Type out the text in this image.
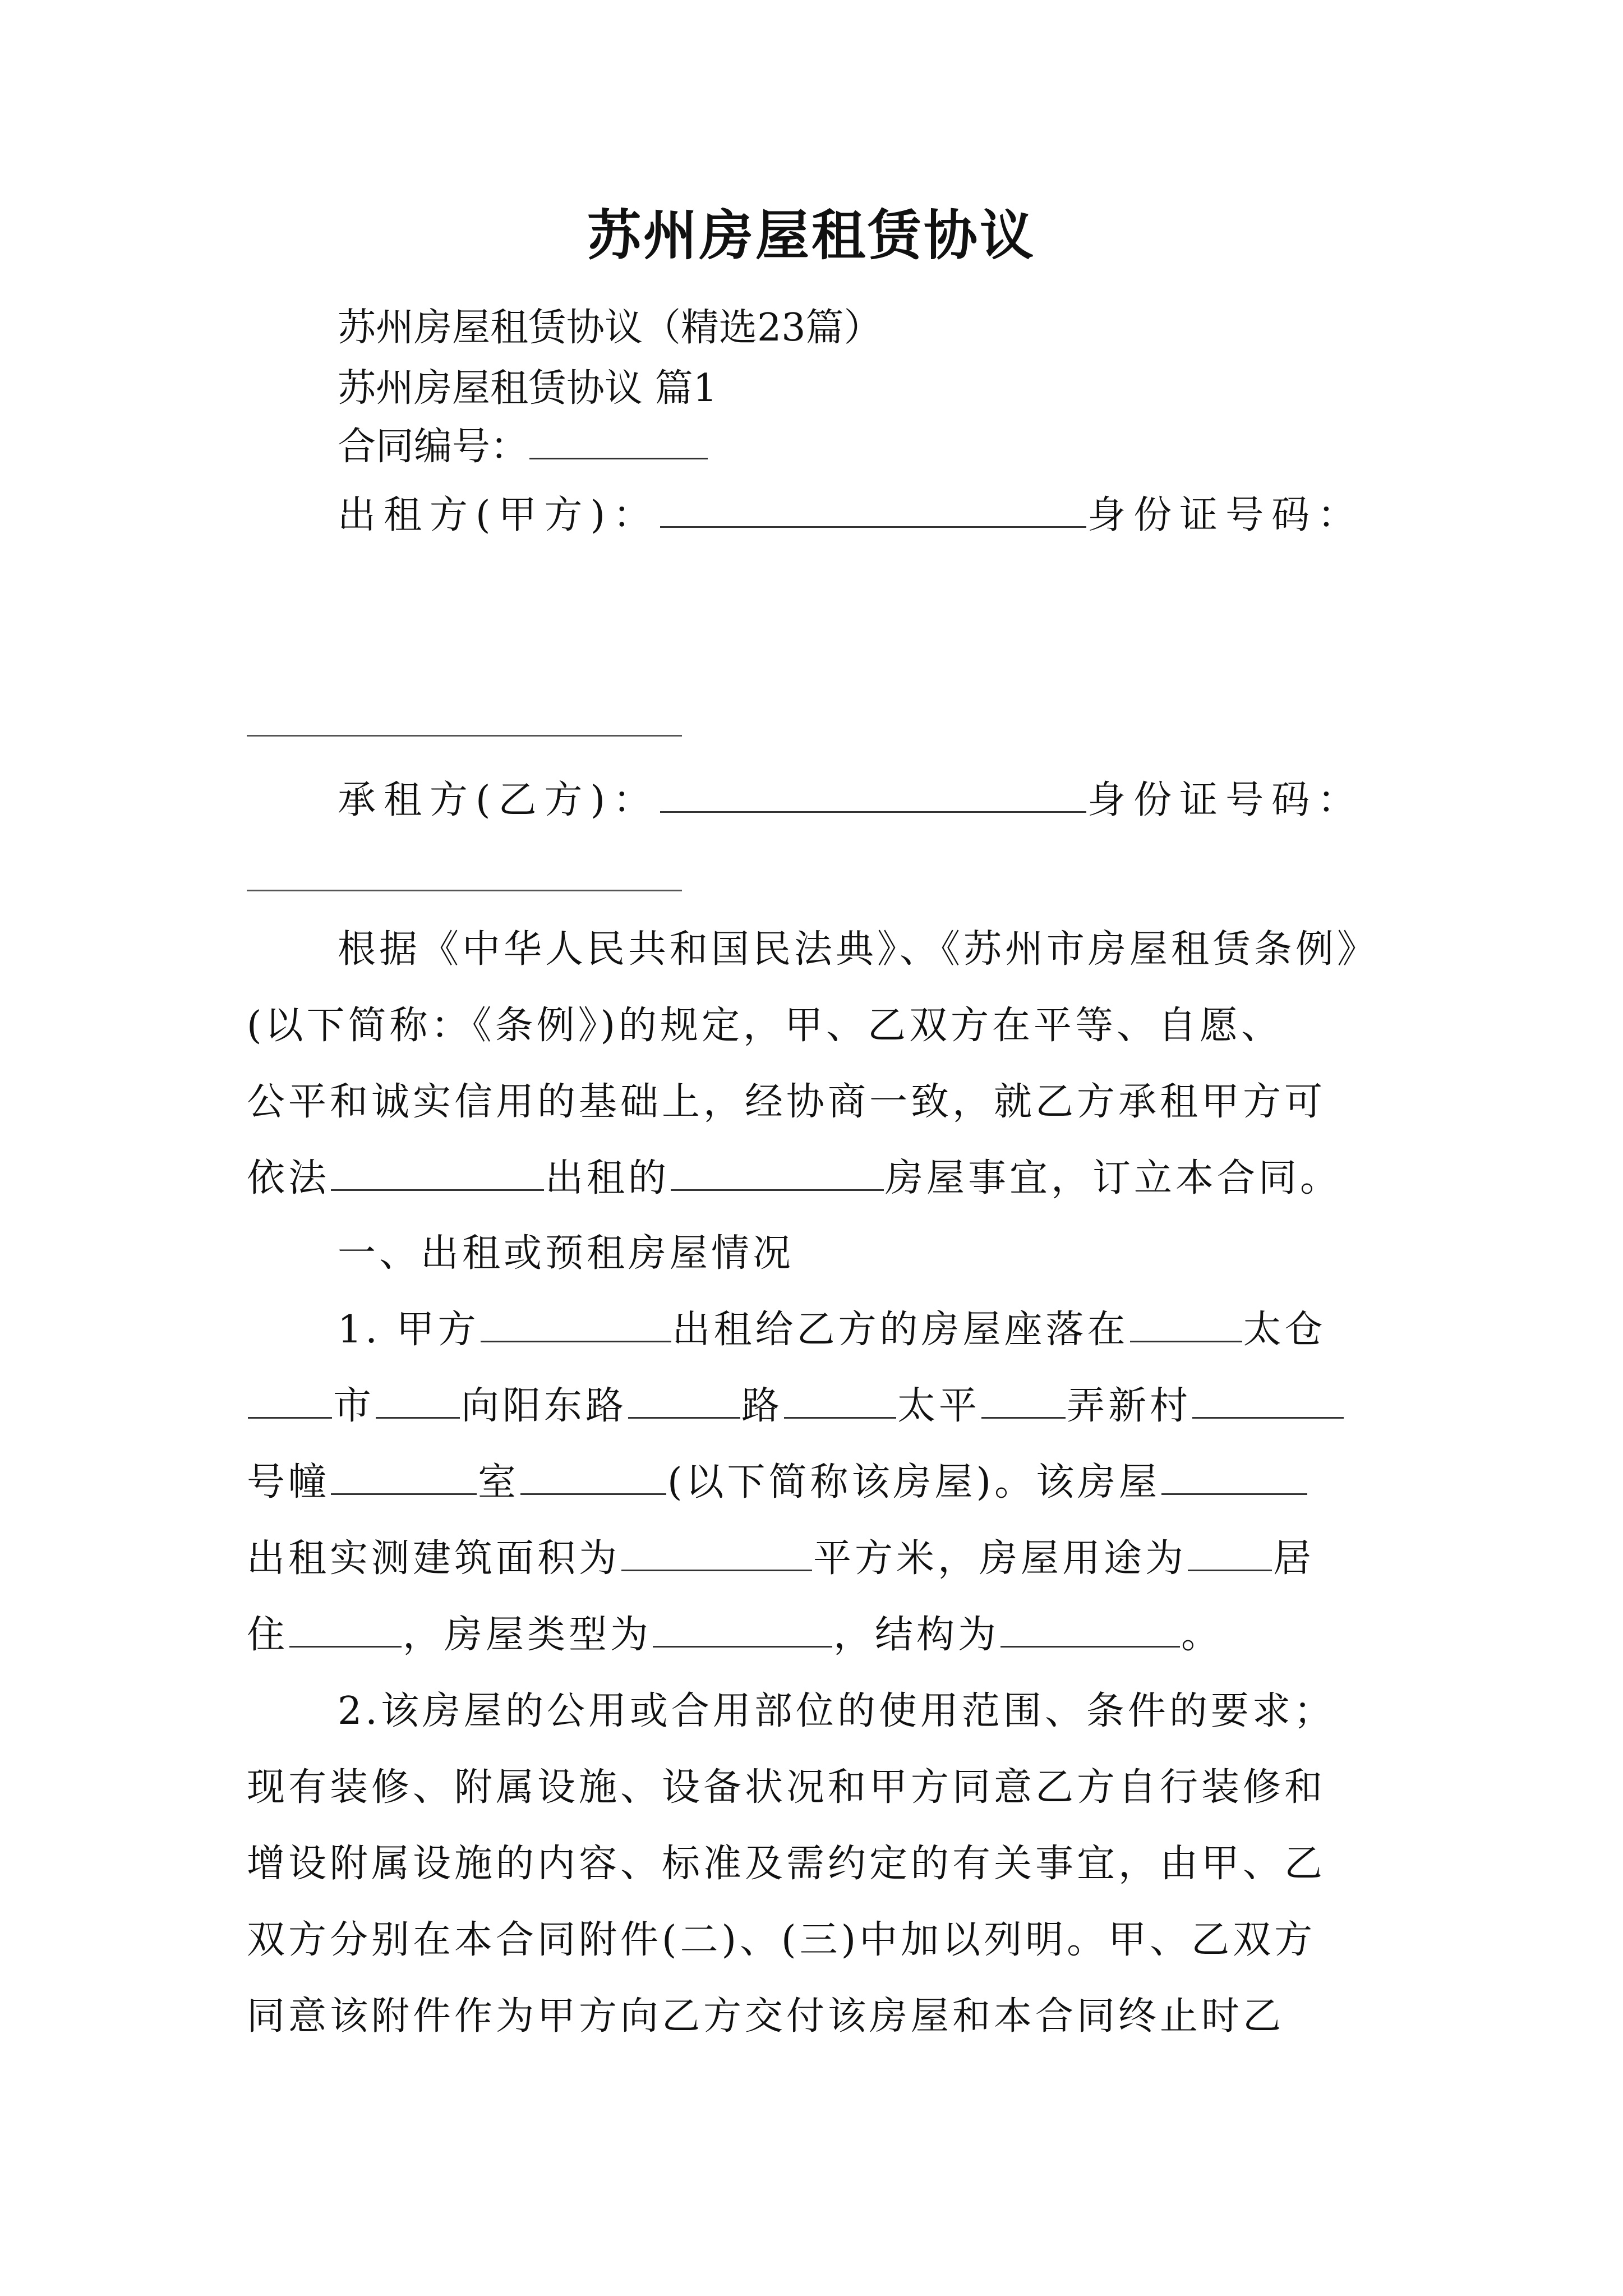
苏州房屋租赁协议
苏州房屋租赁协议（精选23篇）
苏州房屋租赁协议 篇1
合同编号：
出租方(甲方)：	身份证号码：
承租方(乙方)：	身份证号码：
根据《中华人民共和国民法典》、《苏州市房屋租赁条例》
(以下简称：《条例》)的规定，甲、乙双方在平等、自愿、
公平和诚实信用的基础上，经协商一致，就乙方承租甲方可
依法	出租的	房屋事宜，订立本合同。
一、出租或预租房屋情况
1. 甲方	出租给乙方的房屋座落在	太仓
市 向阳东路	路	太平 弄新村
号幢	室	(以下简称该房屋)。该房屋
出租实测建筑面积为	平方米，房屋用途为 居
住	，房屋类型为	，结构为	。
2.该房屋的公用或合用部位的使用范围、条件的要求；
现有装修、附属设施、设备状况和甲方同意乙方自行装修和
增设附属设施的内容、标准及需约定的有关事宜，由甲、乙
双方分别在本合同附件(二)、(三)中加以列明。甲、乙双方
同意该附件作为甲方向乙方交付该房屋和本合同终止时乙
